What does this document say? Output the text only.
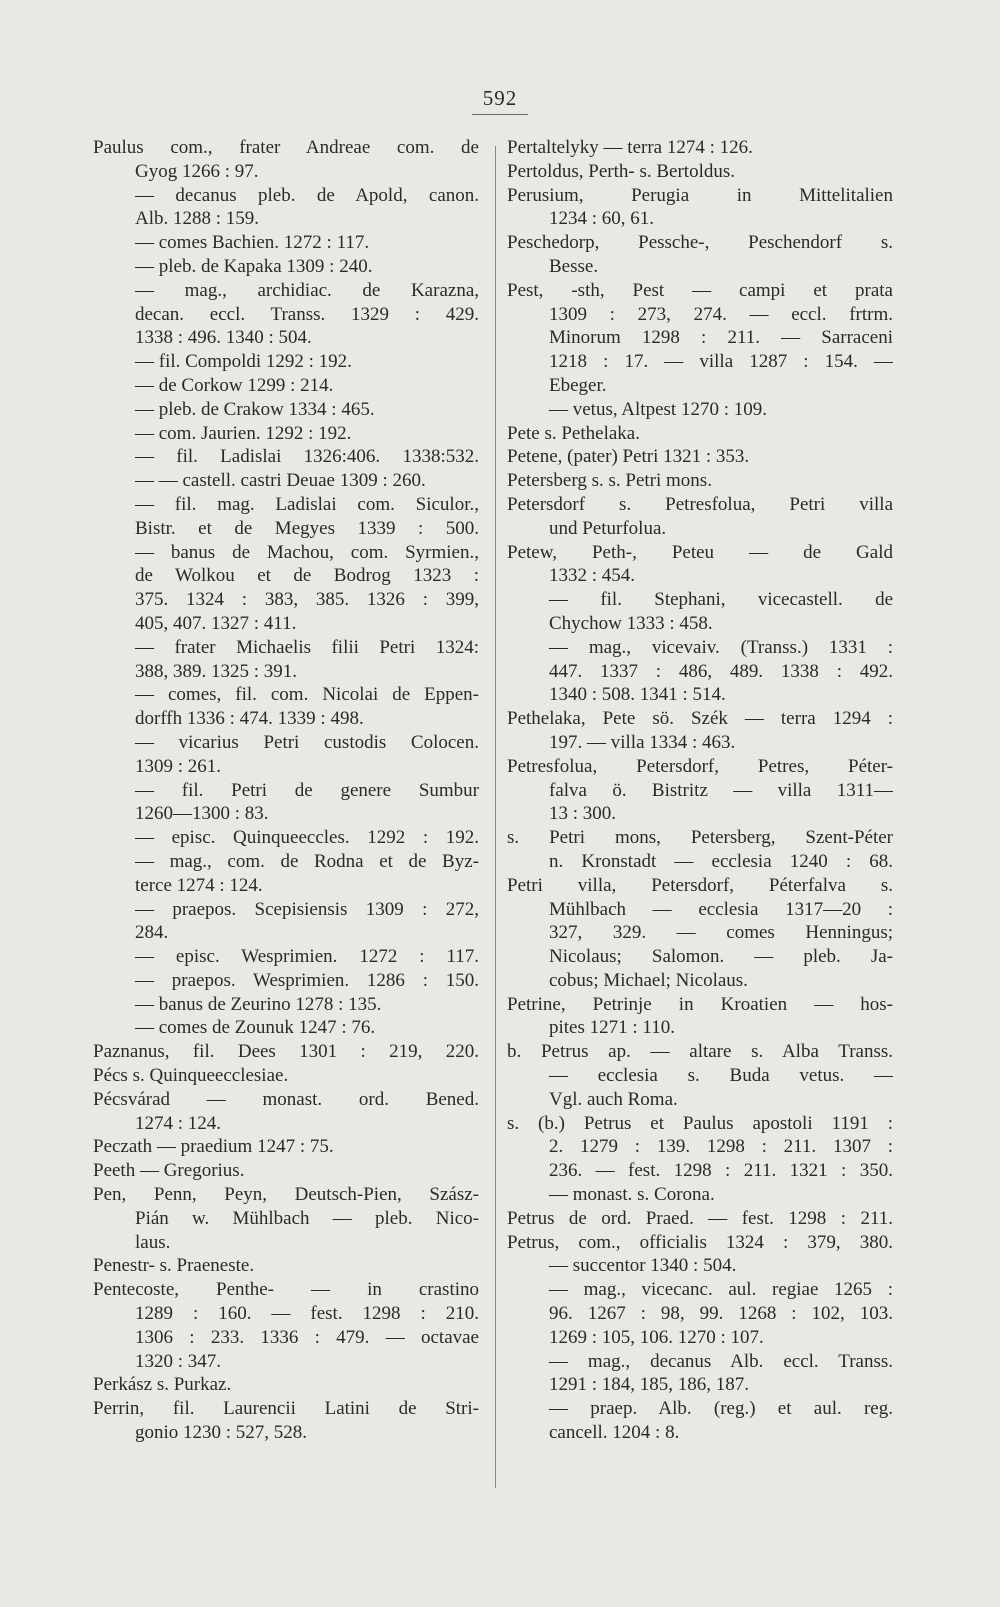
592
Paulus com., frater Andreae com. de
Gyog 1266 : 97.
— decanus pleb. de Apold, canon.
Alb. 1288 : 159.
— comes Bachien. 1272 : 117.
— pleb. de Kapaka 1309 : 240.
— mag., archidiac. de Karazna,
decan. eccl. Transs. 1329 : 429.
1338 : 496. 1340 : 504.
— fil. Compoldi 1292 : 192.
— de Corkow 1299 : 214.
— pleb. de Crakow 1334 : 465.
— com. Jaurien. 1292 : 192.
— fil. Ladislai 1326:406. 1338:532.
— — castell. castri Deuae 1309 : 260.
— fil. mag. Ladislai com. Siculor.,
Bistr. et de Megyes 1339 : 500.
— banus de Machou, com. Syrmien.,
de Wolkou et de Bodrog 1323 :
375. 1324 : 383, 385. 1326 : 399,
405, 407. 1327 : 411.
— frater Michaelis filii Petri 1324:
388, 389. 1325 : 391.
— comes, fil. com. Nicolai de Eppen-
dorffh 1336 : 474. 1339 : 498.
— vicarius Petri custodis Colocen.
1309 : 261.
— fil. Petri de genere Sumbur
1260—1300 : 83.
— episc. Quinqueeccles. 1292 : 192.
— mag., com. de Rodna et de Byz-
terce 1274 : 124.
— praepos. Scepisiensis 1309 : 272,
284.
— episc. Wesprimien. 1272 : 117.
— praepos. Wesprimien. 1286 : 150.
— banus de Zeurino 1278 : 135.
— comes de Zounuk 1247 : 76.
Paznanus, fil. Dees 1301 : 219, 220.
Pécs s. Quinqueecclesiae.
Pécsvárad — monast. ord. Bened.
1274 : 124.
Peczath — praedium 1247 : 75.
Peeth — Gregorius.
Pen, Penn, Peyn, Deutsch-Pien, Szász-
Pián w. Mühlbach — pleb. Nico-
laus.
Penestr- s. Praeneste.
Pentecoste, Penthe- — in crastino
1289 : 160. — fest. 1298 : 210.
1306 : 233. 1336 : 479. — octavae
1320 : 347.
Perkász s. Purkaz.
Perrin, fil. Laurencii Latini de Stri-
gonio 1230 : 527, 528.
Pertaltelyky — terra 1274 : 126.
Pertoldus, Perth- s. Bertoldus.
Perusium, Perugia in Mittelitalien
1234 : 60, 61.
Peschedorp, Pessche-, Peschendorf s.
Besse.
Pest, -sth, Pest — campi et prata
1309 : 273, 274. — eccl. frtrm.
Minorum 1298 : 211. — Sarraceni
1218 : 17. — villa 1287 : 154. —
Ebeger.
— vetus, Altpest 1270 : 109.
Pete s. Pethelaka.
Petene, (pater) Petri 1321 : 353.
Petersberg s. s. Petri mons.
Petersdorf s. Petresfolua, Petri villa
und Peturfolua.
Petew, Peth-, Peteu — de Gald
1332 : 454.
— fil. Stephani, vicecastell. de
Chychow 1333 : 458.
— mag., vicevaiv. (Transs.) 1331 :
447. 1337 : 486, 489. 1338 : 492.
1340 : 508. 1341 : 514.
Pethelaka, Pete sö. Szék — terra 1294 :
197. — villa 1334 : 463.
Petresfolua, Petersdorf, Petres, Péter-
falva ö. Bistritz — villa 1311—
13 : 300.
s. Petri mons, Petersberg, Szent-Péter
n. Kronstadt — ecclesia 1240 : 68.
Petri villa, Petersdorf, Péterfalva s.
Mühlbach — ecclesia 1317—20 :
327, 329. — comes Henningus;
Nicolaus; Salomon. — pleb. Ja-
cobus; Michael; Nicolaus.
Petrine, Petrinje in Kroatien — hos-
pites 1271 : 110.
b. Petrus ap. — altare s. Alba Transs.
— ecclesia s. Buda vetus. —
Vgl. auch Roma.
s. (b.) Petrus et Paulus apostoli 1191 :
2. 1279 : 139. 1298 : 211. 1307 :
236. — fest. 1298 : 211. 1321 : 350.
— monast. s. Corona.
Petrus de ord. Praed. — fest. 1298 : 211.
Petrus, com., officialis 1324 : 379, 380.
— succentor 1340 : 504.
— mag., vicecanc. aul. regiae 1265 :
96. 1267 : 98, 99. 1268 : 102, 103.
1269 : 105, 106. 1270 : 107.
— mag., decanus Alb. eccl. Transs.
1291 : 184, 185, 186, 187.
— praep. Alb. (reg.) et aul. reg.
cancell. 1204 : 8.
